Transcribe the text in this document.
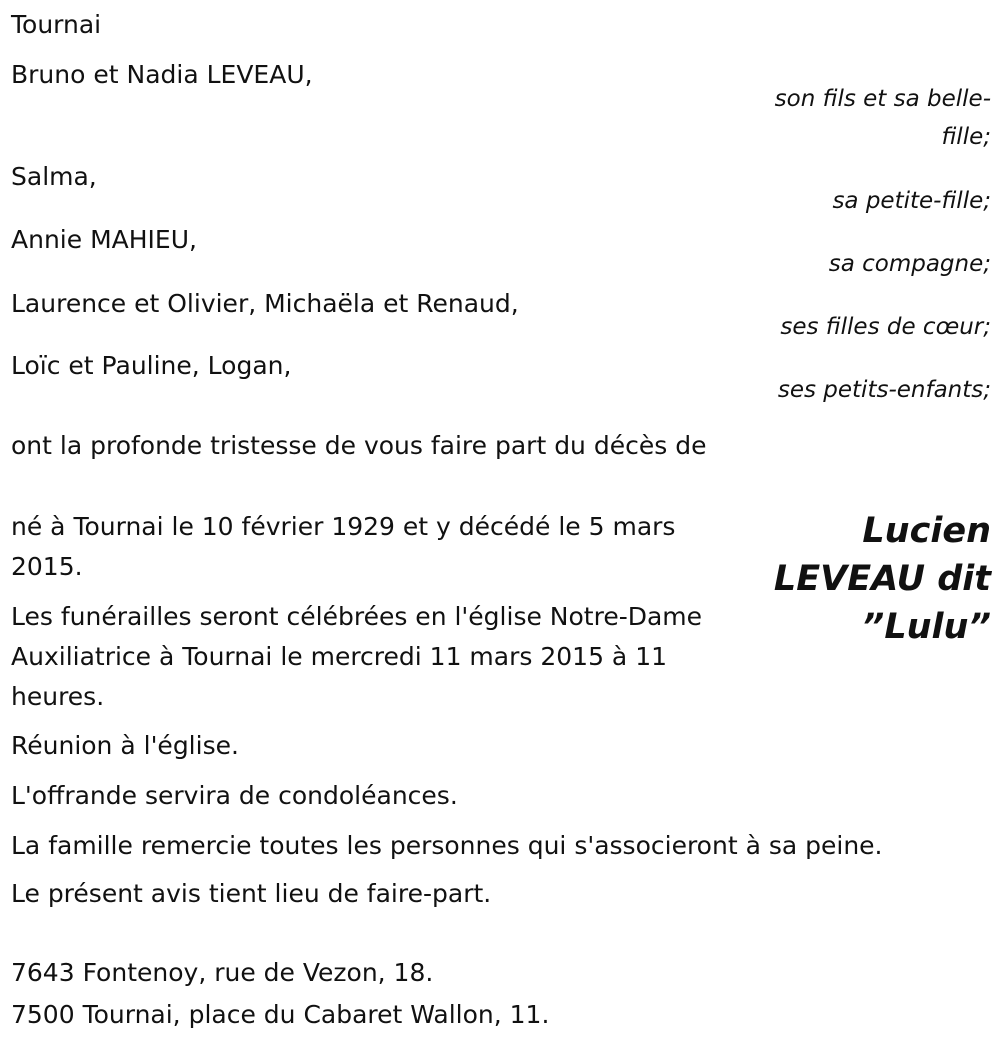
Tournai
Bruno et Nadia LEVEAU,
son fils et sa belle-fille;
Salma,
sa petite-fille;
Annie MAHIEU,
sa compagne;
Laurence et Olivier, Michaëla et Renaud,
ses filles de cœur;
Loïc et Pauline, Logan,
ses petits-enfants;
ont la profonde tristesse de vous faire part du décès de
Lucien LEVEAU dit ”Lulu”
né à Tournai le 10 février 1929 et y décédé le 5 mars 2015.
Les funérailles seront célébrées en l'église Notre-Dame Auxiliatrice à Tournai le mercredi 11 mars 2015 à 11 heures.
Réunion à l'église.
L'offrande servira de condoléances.
La famille remercie toutes les personnes qui s'associeront à sa peine.
Le présent avis tient lieu de faire-part.
7643 Fontenoy, rue de Vezon, 18.
7500 Tournai, place du Cabaret Wallon, 11.
